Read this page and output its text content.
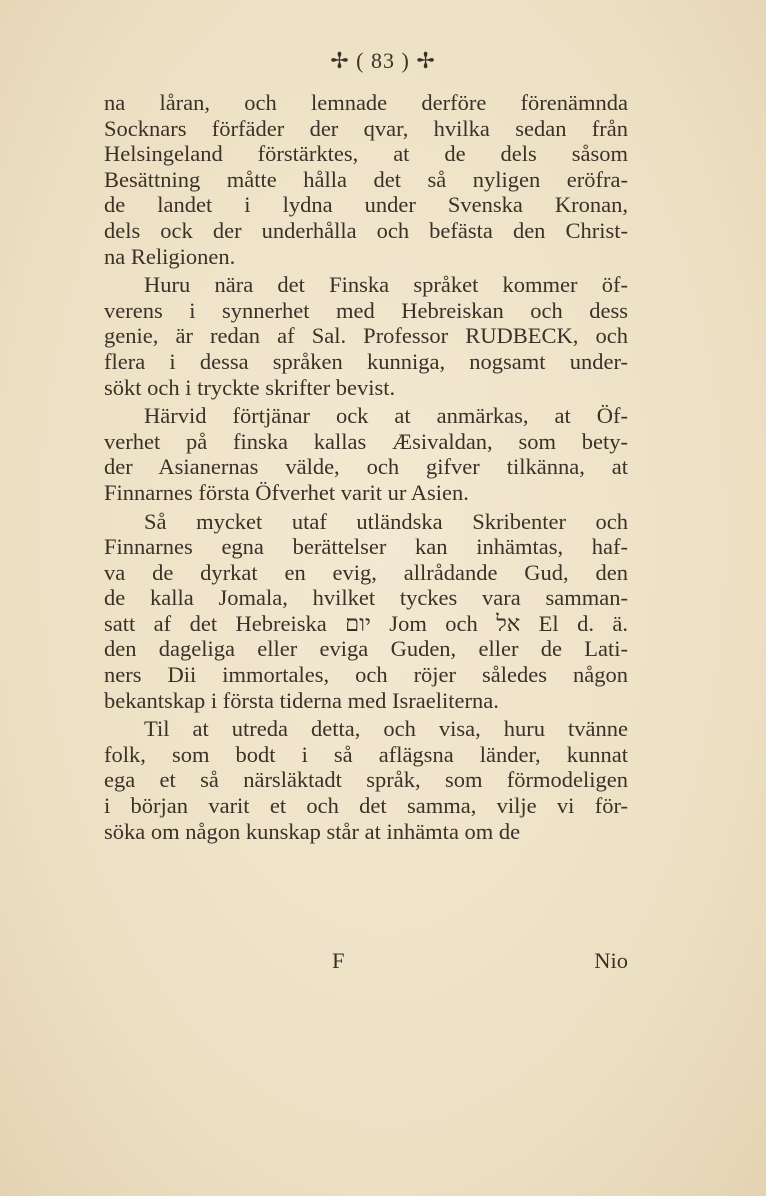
✢ ( 83 ) ✢
na låran, och lemnade derföre förenämnda
Socknars förfäder der qvar, hvilka sedan från
Helsingeland förstärktes, at de dels såsom
Besättning måtte hålla det så nyligen eröfra-
de landet i lydna under Svenska Kronan,
dels ock der underhålla och befästa den Christ-
na Religionen.
Huru nära det Finska språket kommer öf-
verens i synnerhet med Hebreiskan och dess
genie, är redan af Sal. Professor RUDBECK, och
flera i dessa språken kunniga, nogsamt under-
sökt och i tryckte skrifter bevist.
Härvid förtjänar ock at anmärkas, at Öf-
verhet på finska kallas Æsivaldan, som bety-
der Asianernas välde, och gifver tilkänna, at
Finnarnes första Öfverhet varit ur Asien.
Så mycket utaf utländska Skribenter och
Finnarnes egna berättelser kan inhämtas, haf-
va de dyrkat en evig, allrådande Gud, den
de kalla Jomala, hvilket tyckes vara samman-
satt af det Hebreiska יום Jom och אל El d. ä.
den dageliga eller eviga Guden, eller de Lati-
ners Dii immortales, och röjer således någon
bekantskap i första tiderna med Israeliterna.
Til at utreda detta, och visa, huru tvänne
folk, som bodt i så aflägsna länder, kunnat
ega et så närsläktadt språk, som förmodeligen
i början varit et och det samma, vilje vi för-
söka om någon kunskap står at inhämta om de
F	Nio
